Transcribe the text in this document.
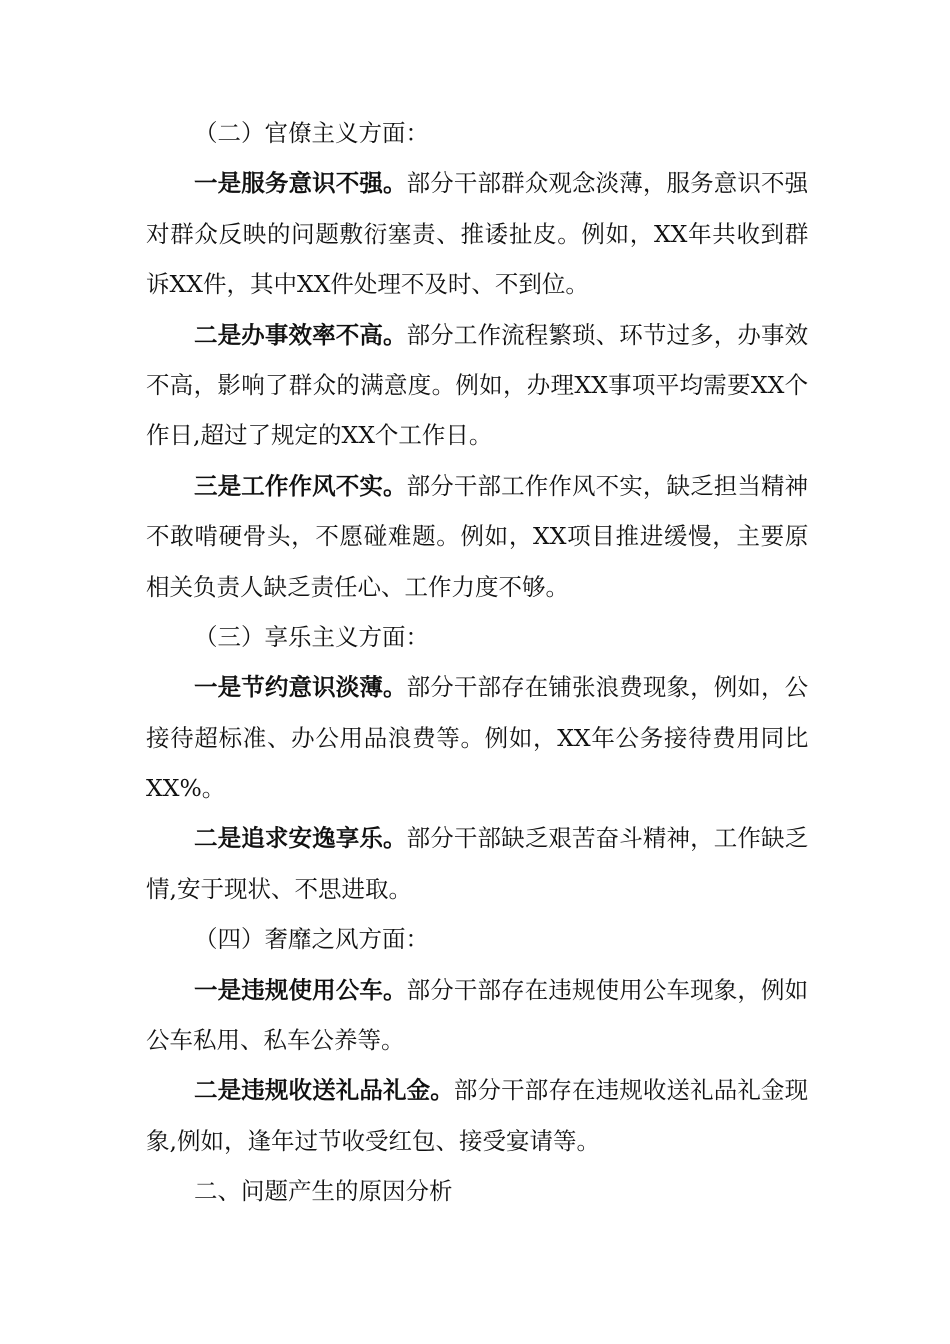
（二）官僚主义方面：
一​是​服​务​意​识​不​强​。部​分​干​部​群​众​观​念​淡​薄​，​服​务​意​识​不​强​
对​群​众​反​映​的​问​题​敷​衍​塞​责​、​推​诿​扯​皮​。​例​如​，​X​X​年​共​收​到​群​
诉XX件，其中XX件处理不及时、不到位。
二​是​办​事​效​率​不​高​。部​分​工​作​流​程​繁​琐​、​环​节​过​多​，​办​事​效​
不​高​，​影​响​了​群​众​的​满​意​度​。​例​如​，​办​理​X​X​事​项​平​均​需​要​X​X​个​
作日,超过了规定的XX个工作日。
三​是​工​作​作​风​不​实​。部​分​干​部​工​作​作​风​不​实​，​缺​乏​担​当​精​神​
不​敢​啃​硬​骨​头​，​不​愿​碰​难​题​。​例​如​，​X​X​项​目​推​进​缓​慢​，​主​要​原​
相关负责人缺乏责任心、工作力度不够。
（三）享乐主义方面：
一​是​节​约​意​识​淡​薄​。部​分​干​部​存​在​铺​张​浪​费​现​象​，​例​如​，​公​
接​待​超​标​准​、​办​公​用​品​浪​费​等​。​例​如​，​X​X​年​公​务​接​待​费​用​同​比​
XX%。
二​是​追​求​安​逸​享​乐​。部​分​干​部​缺​乏​艰​苦​奋​斗​精​神​，​工​作​缺​乏​
情,安于现状、不思进取。
（四）奢靡之风方面：
一​是​违​规​使​用​公​车​。部​分​干​部​存​在​违​规​使​用​公​车​现​象​，​例​如​
公车私用、私车公养等。
二​是​违​规​收​送​礼​品​礼​金​。部​分​干​部​存​在​违​规​收​送​礼​品​礼​金​现
象,例如，逢年过节收受红包、接受宴请等。
二、问题产生的原因分析
